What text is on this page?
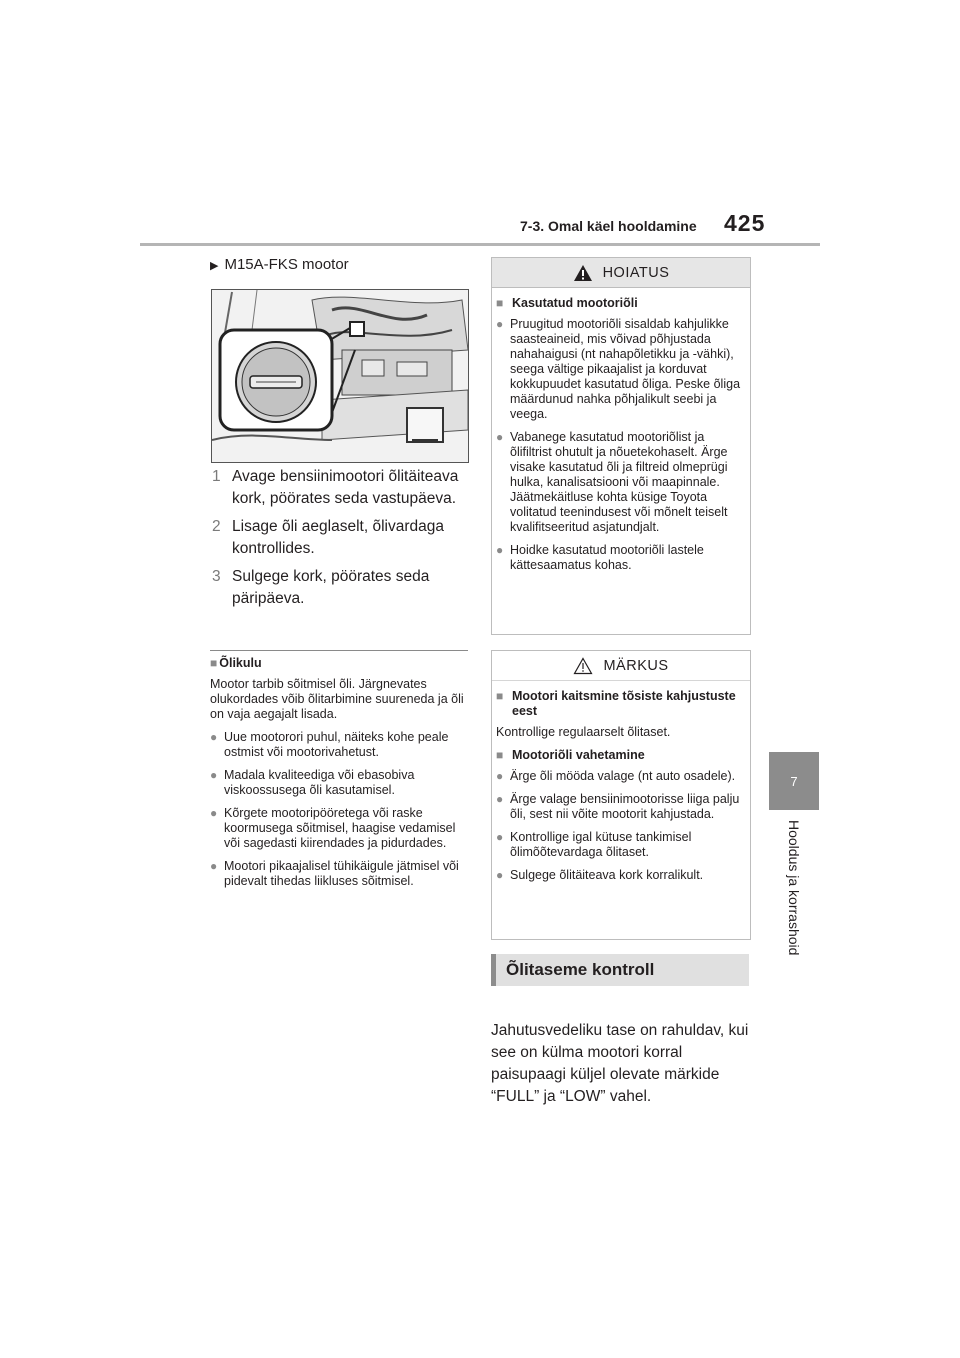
7-3. Omal käel hooldamine 425
7
Hooldus ja korrashoid
▶ M15A-FKS mootor
1 Avage bensiinimootori õlitäiteava kork, pöörates seda vastupäeva.
2 Lisage õli aeglaselt, õlivardaga kontrollides.
3 Sulgege kork, pöörates seda päripäeva.
■ Õlikulu

Mootor tarbib sõitmisel õli. Järgnevates olukordades võib õlitarbimine suureneda ja õli on vaja aegajalt lisada.

● Uue mootorori puhul, näiteks kohe peale ostmist või mootorivahetust.
● Madala kvaliteediga või ebasobiva viskoossusega õli kasutamisel.
● Kõrgete mootoripööretega või raske koormusega sõitmisel, haagise vedamisel või sagedasti kiirendades ja pidurdades.
● Mootori pikaajalisel tühikäigule jätmisel või pidevalt tihedas liikluses sõitmisel.
HOIATUS
■ Kasutatud mootoriõli
● Pruugitud mootoriõli sisaldab kahjulikke saasteaineid, mis võivad põhjustada nahahaigusi (nt nahapõletikku ja -vähki), seega vältige pikaajalist ja korduvat kokkupuudet kasutatud õliga. Peske õliga määrdunud nahka põhjalikult seebi ja veega.
● Vabanege kasutatud mootoriõlist ja õlifiltrist ohutult ja nõuetekohaselt. Ärge visake kasutatud õli ja filtreid olmeprügi hulka, kanalisatsiooni või maapinnale. Jäätmekäitluse kohta küsige Toyota volitatud teenindusest või mõnelt teiselt kvalifitseeritud asjatundjalt.
● Hoidke kasutatud mootoriõli lastele kättesaamatus kohas.
MÄRKUS
■ Mootori kaitsmine tõsiste kahjustuste eest

Kontrollige regulaarselt õlitaset.

■ Mootoriõli vahetamine
● Ärge õli mööda valage (nt auto osadele).
● Ärge valage bensiinimootorisse liiga palju õli, sest nii võite mootorit kahjustada.
● Kontrollige igal kütuse tankimisel õlimõõtevardaga õlitaset.
● Sulgege õlitäiteava kork korralikult.
Õlitaseme kontroll
Jahutusvedeliku tase on rahuldav, kui see on külma mootori korral paisupaagi küljel olevate märkide “FULL” ja “LOW” vahel.
